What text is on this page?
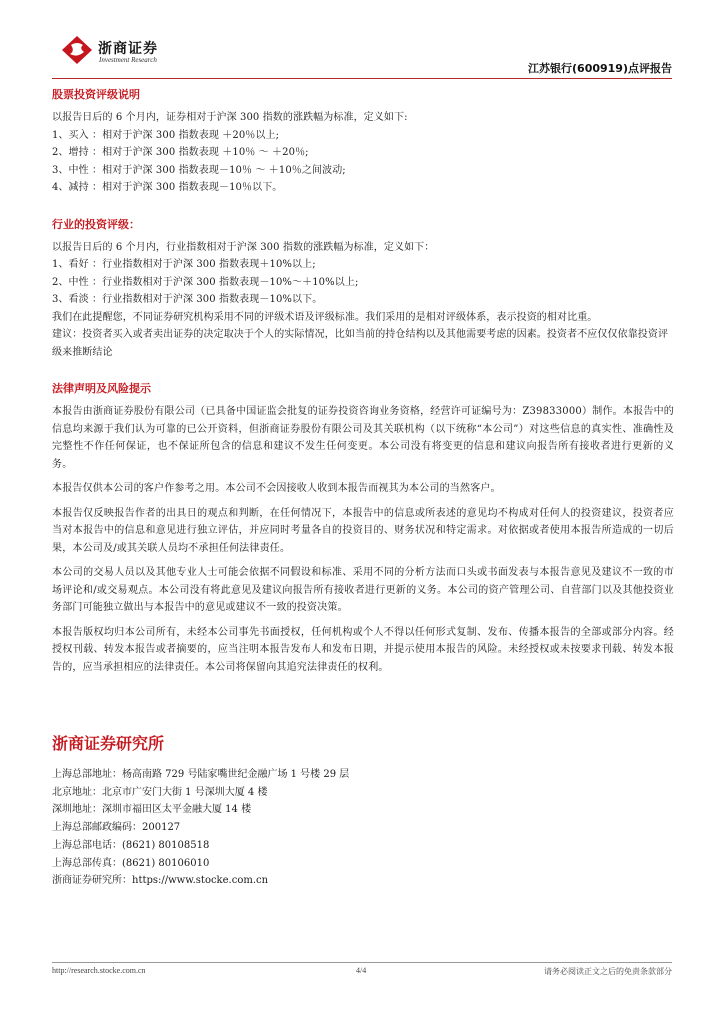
浙商证券
Investment Research
江苏银行(600919)点评报告
股票投资评级说明

以报告日后的 6 个月内，证券相对于沪深 300 指数的涨跌幅为标准，定义如下:

1、买入 ：相对于沪深 300 指数表现 ＋20％以上;

2、增持 ：相对于沪深 300 指数表现 ＋10％ ～ ＋20％;

3、中性 ：相对于沪深 300 指数表现－10％ ～ ＋10％之间波动;

4、减持 ：相对于沪深 300 指数表现－10％以下。

行业的投资评级：

以报告日后的 6 个月内，行业指数相对于沪深 300 指数的涨跌幅为标准，定义如下：

1、看好 ：行业指数相对于沪深 300 指数表现＋10%以上;

2、中性 ：行业指数相对于沪深 300 指数表现－10%～＋10%以上;

3、看淡 ：行业指数相对于沪深 300 指数表现－10%以下。

我们在此提醒您，不同证券研究机构采用不同的评级术语及评级标准。我们采用的是相对评级体系，表示投资的相对比重。

建议：投资者买入或者卖出证券的决定取决于个人的实际情况，比如当前的持仓结构以及其他需要考虑的因素。投资者不应仅仅依靠投资评级来推断结论

法律声明及风险提示

本报告由浙商证券股份有限公司（已具备中国证监会批复的证券投资咨询业务资格，经营许可证编号为：Z39833000）制作。本报告中的信息均来源于我们认为可靠的已公开资料，但浙商证券股份有限公司及其关联机构（以下统称“本公司”）对这些信息的真实性、准确性及完整性不作任何保证，也不保证所包含的信息和建议不发生任何变更。本公司没有将变更的信息和建议向报告所有接收者进行更新的义务。

本报告仅供本公司的客户作参考之用。本公司不会因接收人收到本报告而视其为本公司的当然客户。

本报告仅反映报告作者的出具日的观点和判断，在任何情况下，本报告中的信息或所表述的意见均不构成对任何人的投资建议，投资者应当对本报告中的信息和意见进行独立评估，并应同时考量各自的投资目的、财务状况和特定需求。对依据或者使用本报告所造成的一切后果，本公司及/或其关联人员均不承担任何法律责任。

本公司的交易人员以及其他专业人士可能会依据不同假设和标准、采用不同的分析方法而口头或书面发表与本报告意见及建议不一致的市场评论和/或交易观点。本公司没有将此意见及建议向报告所有接收者进行更新的义务。本公司的资产管理公司、自营部门以及其他投资业务部门可能独立做出与本报告中的意见或建议不一致的投资决策。

本报告版权均归本公司所有，未经本公司事先书面授权，任何机构或个人不得以任何形式复制、发布、传播本报告的全部或部分内容。经授权刊载、转发本报告或者摘要的，应当注明本报告发布人和发布日期，并提示使用本报告的风险。未经授权或未按要求刊载、转发本报告的，应当承担相应的法律责任。本公司将保留向其追究法律责任的权利。

浙商证券研究所

上海总部地址：杨高南路 729 号陆家嘴世纪金融广场 1 号楼 29 层

北京地址：北京市广安门大街 1 号深圳大厦 4 楼

深圳地址：深圳市福田区太平金融大厦 14 楼

上海总部邮政编码：200127

上海总部电话：(8621) 80108518

上海总部传真：(8621) 80106010

浙商证券研究所：https://www.stocke.com.cn

http://research.stocke.com.cn	4/4	请务必阅读正文之后的免责条款部分
